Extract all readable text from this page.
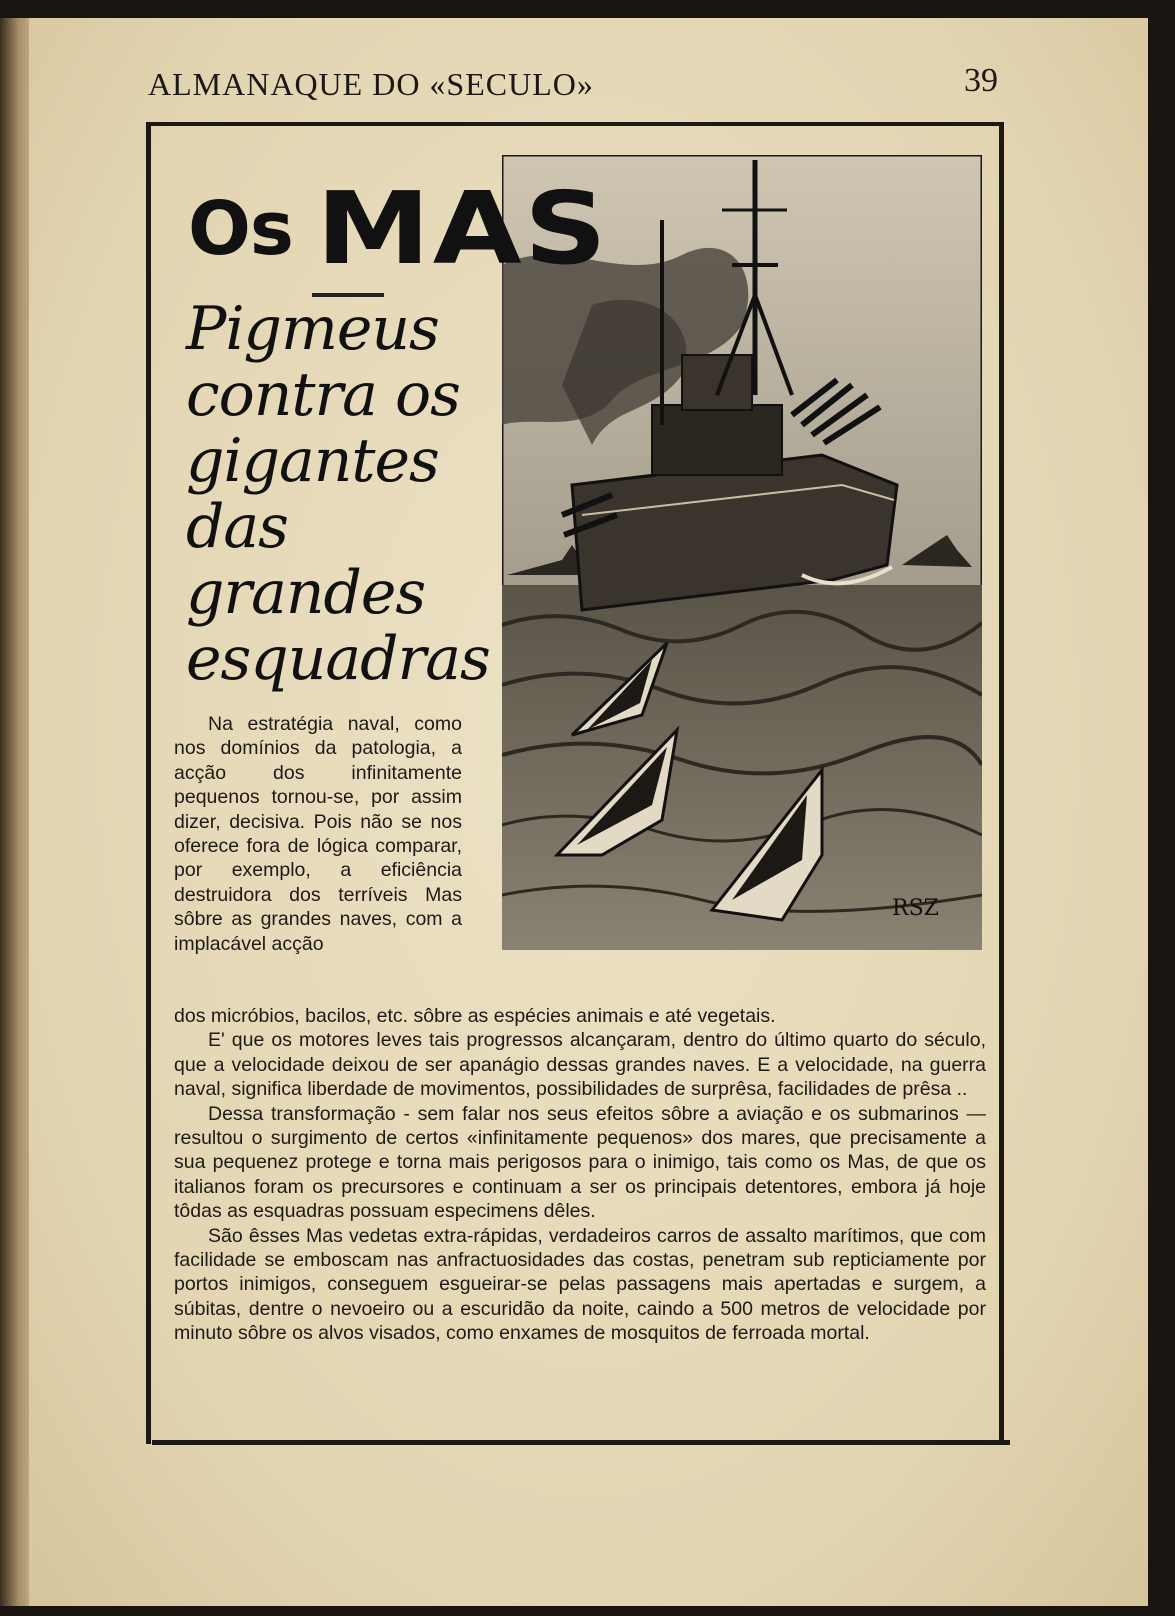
ALMANAQUE DO «SECULO»	39
Os MAS
Pigmeus contra os gigantes das grandes esquadras
RSZ

Na estratégia naval, como nos domínios da patologia, a acção dos infinitamente pequenos tornou-se, por assim dizer, decisiva. Pois não se nos oferece fora de lógica comparar, por exemplo, a eficiência destruidora dos terríveis Mas sôbre as grandes naves, com a implacável acção

dos micróbios, bacilos, etc. sôbre as espécies animais e até vegetais.

E' que os motores leves tais progressos alcançaram, dentro do último quarto do século, que a velocidade deixou de ser apanágio dessas grandes naves. E a velocidade, na guerra naval, significa liberdade de movimentos, possibilidades de surprêsa, facilidades de prêsa ..

Dessa transformação - sem falar nos seus efeitos sôbre a aviação e os submarinos — resultou o surgimento de certos «infinitamente pequenos» dos mares, que precisamente a sua pequenez protege e torna mais perigosos para o inimigo, tais como os Mas, de que os italianos foram os precursores e continuam a ser os principais detentores, embora já hoje tôdas as esquadras possuam especimens dêles.

São êsses Mas vedetas extra-rápidas, verdadeiros carros de assalto marítimos, que com facilidade se emboscam nas anfractuosidades das costas, penetram sub repticiamente por portos inimigos, conseguem esgueirar-se pelas passagens mais apertadas e surgem, a súbitas, dentre o nevoeiro ou a escuridão da noite, caindo a 500 metros de velocidade por minuto sôbre os alvos visados, como enxames de mosquitos de ferroada mortal.
